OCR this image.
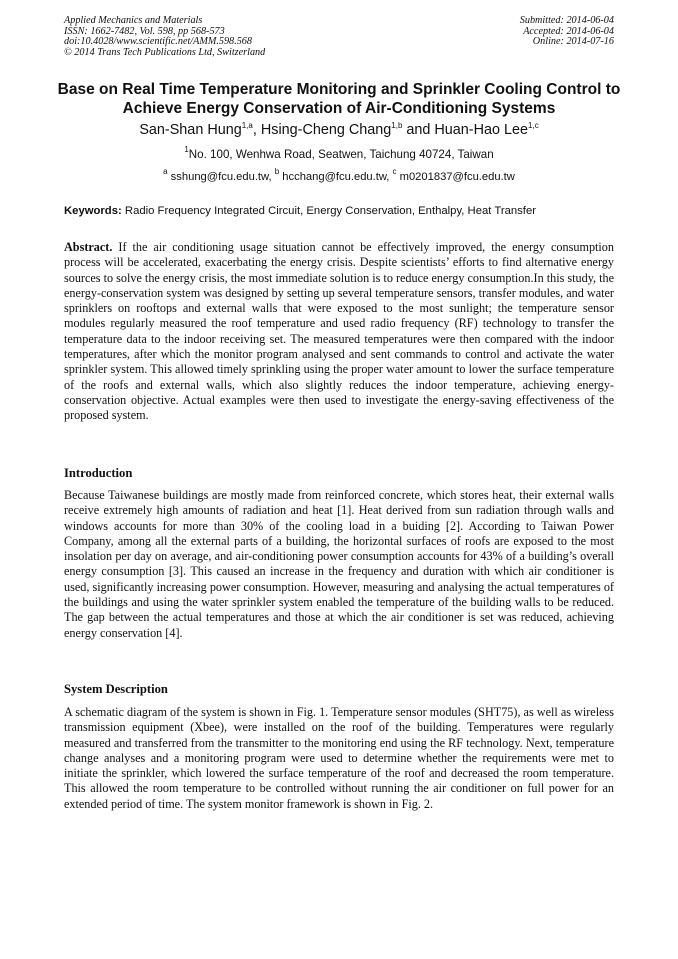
Applied Mechanics and Materials
ISSN: 1662-7482, Vol. 598, pp 568-573
doi:10.4028/www.scientific.net/AMM.598.568
© 2014 Trans Tech Publications Ltd, Switzerland
Submitted: 2014-06-04
Accepted: 2014-06-04
Online: 2014-07-16
Base on Real Time Temperature Monitoring and Sprinkler Cooling Control to Achieve Energy Conservation of Air-Conditioning Systems
San-Shan Hung$^{1,a}$, Hsing-Cheng Chang$^{1,b}$ and Huan-Hao Lee$^{1,c}$
$^1$No. 100, Wenhwa Road, Seatwen, Taichung 40724, Taiwan
$^a$ sshung@fcu.edu.tw, $^b$ hcchang@fcu.edu.tw, $^c$ m0201837@fcu.edu.tw
Keywords: Radio Frequency Integrated Circuit, Energy Conservation, Enthalpy, Heat Transfer
Abstract. If the air conditioning usage situation cannot be effectively improved, the energy consumption process will be accelerated, exacerbating the energy crisis. Despite scientists’ efforts to find alternative energy sources to solve the energy crisis, the most immediate solution is to reduce energy consumption.In this study, the energy-conservation system was designed by setting up several temperature sensors, transfer modules, and water sprinklers on rooftops and external walls that were exposed to the most sunlight; the temperature sensor modules regularly measured the roof temperature and used radio frequency (RF) technology to transfer the temperature data to the indoor receiving set. The measured temperatures were then compared with the indoor temperatures, after which the monitor program analysed and sent commands to control and activate the water sprinkler system. This allowed timely sprinkling using the proper water amount to lower the surface temperature of the roofs and external walls, which also slightly reduces the indoor temperature, achieving energy-conservation objective. Actual examples were then used to investigate the energy-saving effectiveness of the proposed system.
Introduction
Because Taiwanese buildings are mostly made from reinforced concrete, which stores heat, their external walls receive extremely high amounts of radiation and heat [1]. Heat derived from sun radiation through walls and windows accounts for more than 30% of the cooling load in a buiding [2]. According to Taiwan Power Company, among all the external parts of a building, the horizontal surfaces of roofs are exposed to the most insolation per day on average, and air-conditioning power consumption accounts for 43% of a building’s overall energy consumption [3]. This caused an increase in the frequency and duration with which air conditioner is used, significantly increasing power consumption. However, measuring and analysing the actual temperatures of the buildings and using the water sprinkler system enabled the temperature of the building walls to be reduced. The gap between the actual temperatures and those at which the air conditioner is set was reduced, achieving energy conservation [4].
System Description
A schematic diagram of the system is shown in Fig. 1. Temperature sensor modules (SHT75), as well as wireless transmission equipment (Xbee), were installed on the roof of the building. Temperatures were regularly measured and transferred from the transmitter to the monitoring end using the RF technology. Next, temperature change analyses and a monitoring program were used to determine whether the requirements were met to initiate the sprinkler, which lowered the surface temperature of the roof and decreased the room temperature. This allowed the room temperature to be controlled without running the air conditioner on full power for an extended period of time. The system monitor framework is shown in Fig. 2.
